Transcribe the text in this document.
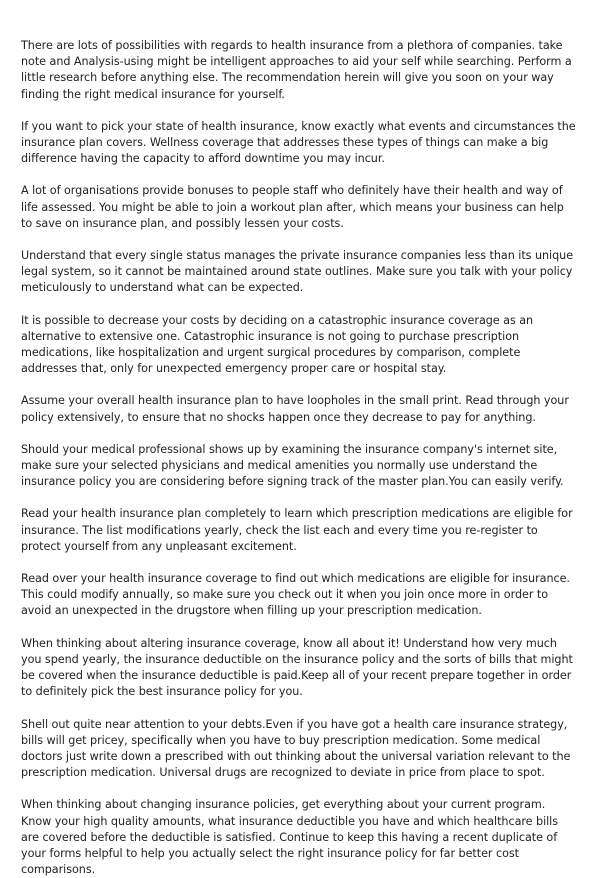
There are lots of possibilities with regards to health insurance from a plethora of companies. take note and Analysis-using might be intelligent approaches to aid your self while searching. Perform a little research before anything else. The recommendation herein will give you soon on your way finding the right medical insurance for yourself.

If you want to pick your state of health insurance, know exactly what events and circumstances the insurance plan covers. Wellness coverage that addresses these types of things can make a big difference having the capacity to afford downtime you may incur.

A lot of organisations provide bonuses to people staff who definitely have their health and way of life assessed. You might be able to join a workout plan after, which means your business can help to save on insurance plan, and possibly lessen your costs.

Understand that every single status manages the private insurance companies less than its unique legal system, so it cannot be maintained around state outlines. Make sure you talk with your policy meticulously to understand what can be expected.

It is possible to decrease your costs by deciding on a catastrophic insurance coverage as an alternative to extensive one. Catastrophic insurance is not going to purchase prescription medications, like hospitalization and urgent surgical procedures by comparison, complete addresses that, only for unexpected emergency proper care or hospital stay.

Assume your overall health insurance plan to have loopholes in the small print. Read through your policy extensively, to ensure that no shocks happen once they decrease to pay for anything.

Should your medical professional shows up by examining the insurance company's internet site, make sure your selected physicians and medical amenities you normally use understand the insurance policy you are considering before signing track of the master plan.You can easily verify.

Read your health insurance plan completely to learn which prescription medications are eligible for insurance. The list modifications yearly, check the list each and every time you re-register to protect yourself from any unpleasant excitement.

Read over your health insurance coverage to find out which medications are eligible for insurance. This could modify annually, so make sure you check out it when you join once more in order to avoid an unexpected in the drugstore when filling up your prescription medication.

When thinking about altering insurance coverage, know all about it! Understand how very much you spend yearly, the insurance deductible on the insurance policy and the sorts of bills that might be covered when the insurance deductible is paid.Keep all of your recent prepare together in order to definitely pick the best insurance policy for you.

Shell out quite near attention to your debts.Even if you have got a health care insurance strategy, bills will get pricey, specifically when you have to buy prescription medication. Some medical doctors just write down a prescribed with out thinking about the universal variation relevant to the prescription medication. Universal drugs are recognized to deviate in price from place to spot.

When thinking about changing insurance policies, get everything about your current program. Know your high quality amounts, what insurance deductible you have and which healthcare bills are covered before the deductible is satisfied. Continue to keep this having a recent duplicate of your forms helpful to help you actually select the right insurance policy for far better cost comparisons.
